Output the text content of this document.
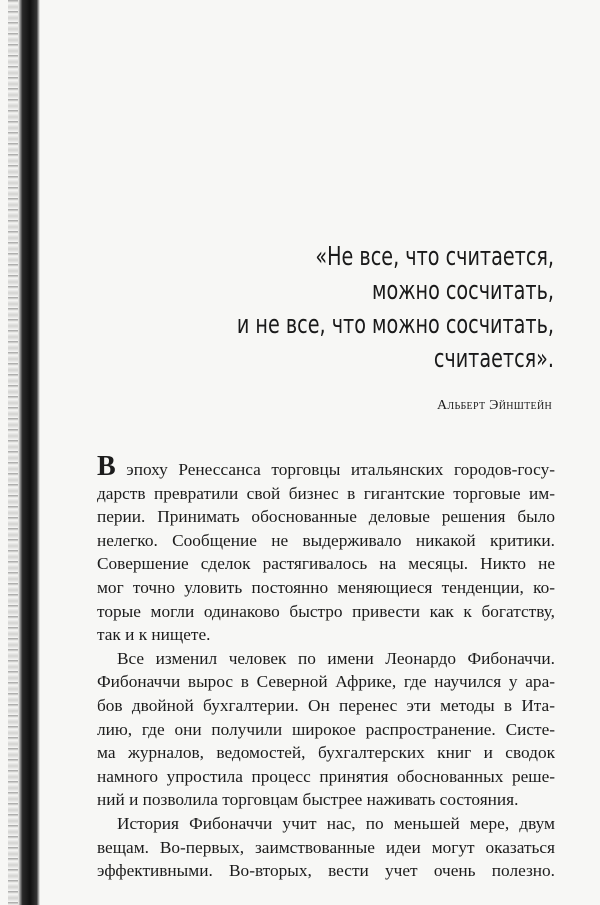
«Не все, что считается,
можно сосчитать,
и не все, что можно сосчитать,
считается».
Альберт Эйнштейн
В эпоху Ренессанса торговцы итальянских городов-госу-
дарств превратили свой бизнес в гигантские торговые им-
перии. Принимать обоснованные деловые решения было
нелегко. Сообщение не выдерживало никакой критики.
Совершение сделок растягивалось на месяцы. Никто не
мог точно уловить постоянно меняющиеся тенденции, ко-
торые могли одинаково быстро привести как к богатству,
так и к нищете.
Все изменил человек по имени Леонардо Фибоначчи.
Фибоначчи вырос в Северной Африке, где научился у ара-
бов двойной бухгалтерии. Он перенес эти методы в Ита-
лию, где они получили широкое распространение. Систе-
ма журналов, ведомостей, бухгалтерских книг и сводок
намного упростила процесс принятия обоснованных реше-
ний и позволила торговцам быстрее наживать состояния.
История Фибоначчи учит нас, по меньшей мере, двум
вещам. Во-первых, заимствованные идеи могут оказаться
эффективными. Во-вторых, вести учет очень полезно.
